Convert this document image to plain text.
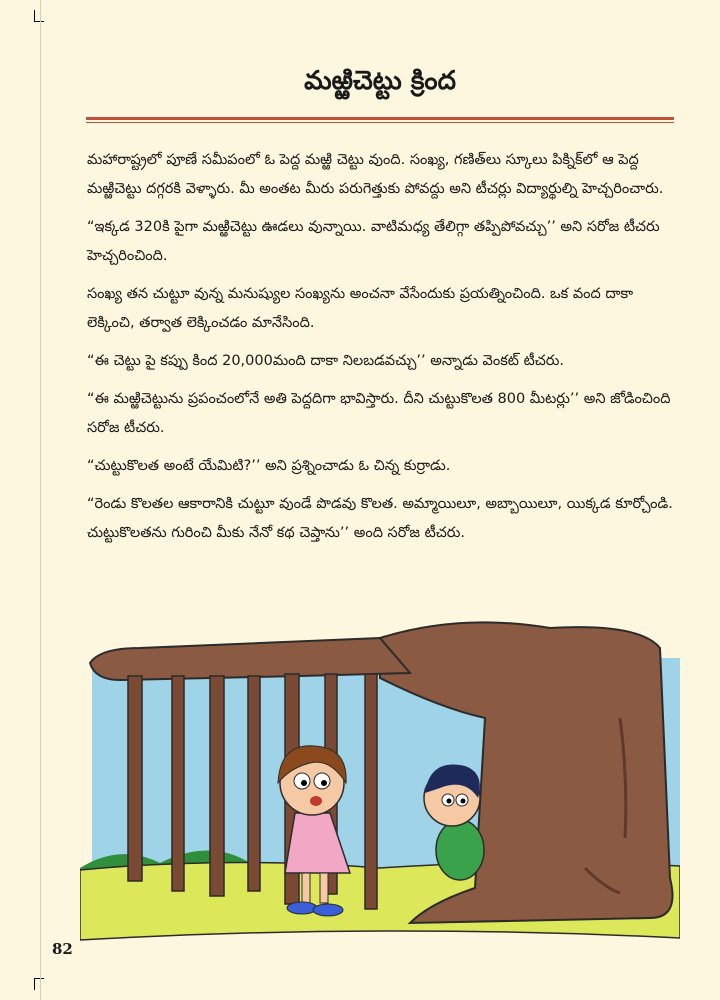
మఱ్ఱిచెట్టు క్రింద

మహారాష్ట్రలో పూణే సమీపంలో ఓ పెద్ద మఱ్ఱి చెట్టు వుంది. సంఖ్య, గణిత్‌లు స్కూలు పిక్నిక్‌లో ఆ పెద్ద మఱ్ఱిచెట్టు దగ్గరకి వెళ్ళారు. మీ అంతట మీరు పరుగెత్తుకు పోవద్దు అని టీచర్లు విద్యార్థుల్ని హెచ్చరించారు.

“ఇక్కడ 320కి పైగా మఱ్ఱిచెట్టు ఊడలు వున్నాయి. వాటిమధ్య తేలిగ్గా తప్పిపోవచ్చు’’ అని సరోజ టీచరు హెచ్చరించింది.

సంఖ్య తన చుట్టూ వున్న మనుష్యుల సంఖ్యను అంచనా వేసేందుకు ప్రయత్నించింది. ఒక వంద దాకా లెక్కించి, తర్వాత లెక్కించడం మానేసింది.

“ఈ చెట్టు పై కప్పు కింద 20,000మంది దాకా నిలబడవచ్చు’’ అన్నాడు వెంకట్ టీచరు.

“ఈ మఱ్ఱిచెట్టును ప్రపంచంలోనే అతి పెద్దదిగా భావిస్తారు. దీని చుట్టుకొలత 800 మీటర్లు’’ అని జోడించింది సరోజ టీచరు.

“చుట్టుకొలత అంటే యేమిటి?’’ అని ప్రశ్నించాడు ఓ చిన్న కుర్రాడు.

“రెండు కొలతల ఆకారానికి చుట్టూ వుండే పొడవు కొలత. అమ్మాయిలూ, అబ్బాయిలూ, యిక్కడ కూర్చోండి. చుట్టుకొలతను గురించి మీకు నేనో కథ చెప్తాను’’ అంది సరోజ టీచరు.

82
